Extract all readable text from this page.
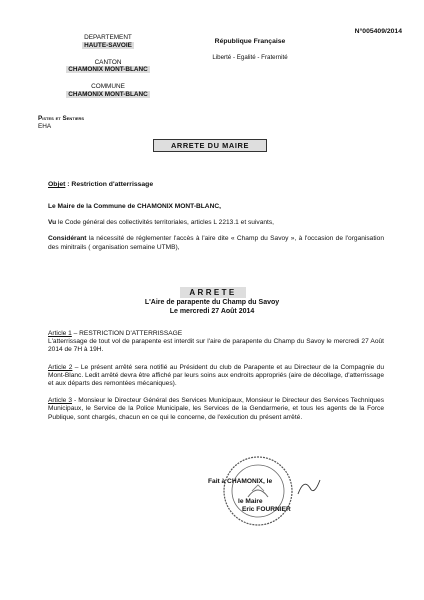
N°005409/2014
DEPARTEMENT
HAUTE-SAVOIE
CANTON
CHAMONIX MONT-BLANC
COMMUNE
CHAMONIX MONT-BLANC
République Française
Liberté - Egalité - Fraternité
Pistes et Sentiers
EHA
ARRETE DU MAIRE
Objet : Restriction d'atterrissage

Le Maire de la Commune de CHAMONIX MONT-BLANC,

Vu le Code général des collectivités territoriales, articles L 2213.1 et suivants,

Considérant la nécessité de réglementer l'accès à l'aire dite « Champ du Savoy », à l'occasion de l'organisation des minitrails ( organisation semaine UTMB),

ARRETE
L'Aire de parapente du Champ du Savoy
Le mercredi 27 Août 2014

Article 1 – RESTRICTION D'ATTERRISSAGE
L'atterrissage de tout vol de parapente est interdit sur l'aire de parapente du Champ du Savoy le mercredi 27 Août 2014 de 7H à 19H.

Article 2 – Le présent arrêté sera notifié au Président du club de Parapente et au Directeur de la Compagnie du Mont-Blanc. Ledit arrêté devra être affiché par leurs soins aux endroits appropriés (aire de décollage, d'atterrissage et aux départs des remontées mécaniques).

Article 3 - Monsieur le Directeur Général des Services Municipaux, Monsieur le Directeur des Services Techniques Municipaux, le Service de la Police Municipale, les Services de la Gendarmerie, et tous les agents de la Force Publique, sont chargés, chacun en ce qui le concerne, de l'exécution du présent arrêté.

Fait à CHAMONIX, le
le Maire
Eric FOURNIER
